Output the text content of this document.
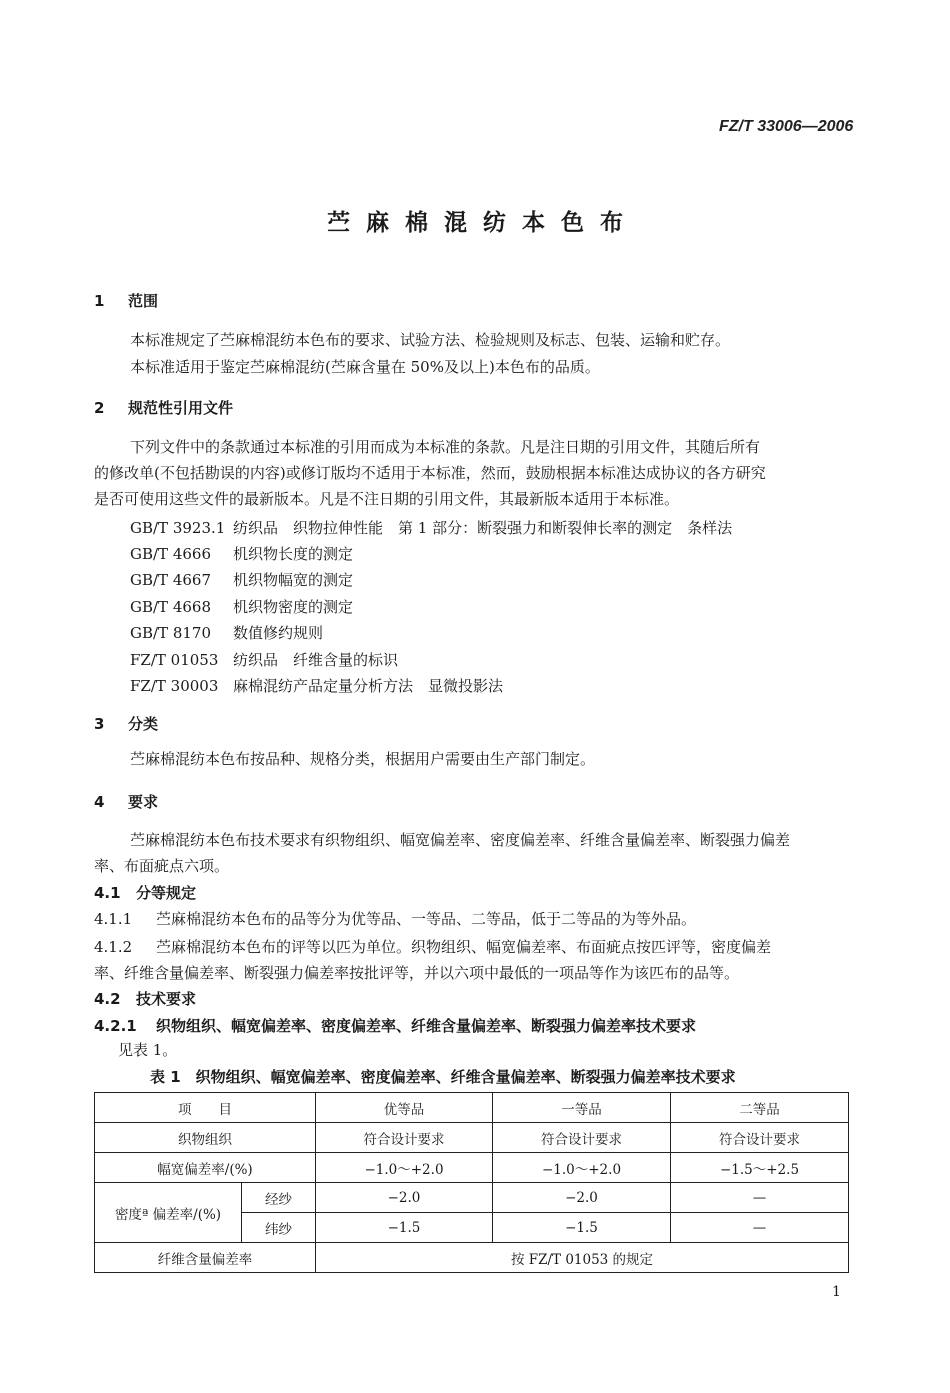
FZ/T 33006—2006
苎麻棉混纺本色布
1 范围
本标准规定了苎麻棉混纺本色布的要求、试验方法、检验规则及标志、包装、运输和贮存。
本标准适用于鉴定苎麻棉混纺(苎麻含量在 50%及以上)本色布的品质。
2 规范性引用文件
下列文件中的条款通过本标准的引用而成为本标准的条款。凡是注日期的引用文件，其随后所有
的修改单(不包括勘误的内容)或修订版均不适用于本标准，然而，鼓励根据本标准达成协议的各方研究
是否可使用这些文件的最新版本。凡是不注日期的引用文件，其最新版本适用于本标准。
GB/T 3923.1 纺织品　织物拉伸性能　第 1 部分：断裂强力和断裂伸长率的测定　条样法
GB/T 4666 机织物长度的测定
GB/T 4667 机织物幅宽的测定
GB/T 4668 机织物密度的测定
GB/T 8170 数值修约规则
FZ/T 01053 纺织品　纤维含量的标识
FZ/T 30003 麻棉混纺产品定量分析方法　显微投影法
3 分类
苎麻棉混纺本色布按品种、规格分类，根据用户需要由生产部门制定。
4 要求
苎麻棉混纺本色布技术要求有织物组织、幅宽偏差率、密度偏差率、纤维含量偏差率、断裂强力偏差
率、布面疵点六项。
4.1 分等规定
4.1.1 苎麻棉混纺本色布的品等分为优等品、一等品、二等品，低于二等品的为等外品。
4.1.2 苎麻棉混纺本色布的评等以匹为单位。织物组织、幅宽偏差率、布面疵点按匹评等，密度偏差
率、纤维含量偏差率、断裂强力偏差率按批评等，并以六项中最低的一项品等作为该匹布的品等。
4.2 技术要求
4.2.1 织物组织、幅宽偏差率、密度偏差率、纤维含量偏差率、断裂强力偏差率技术要求
见表 1。
表 1　织物组织、幅宽偏差率、密度偏差率、纤维含量偏差率、断裂强力偏差率技术要求
项　　目		优等品	一等品	二等品
织物组织		符合设计要求	符合设计要求	符合设计要求
幅宽偏差率/(%)		−1.0～+2.0	−1.0～+2.0	−1.5～+2.5
密度ª 偏差率/(%)	经纱	−2.0	−2.0	—
	纬纱	−1.5	−1.5	—
纤维含量偏差率		按 FZ/T 01053 的规定		
1
